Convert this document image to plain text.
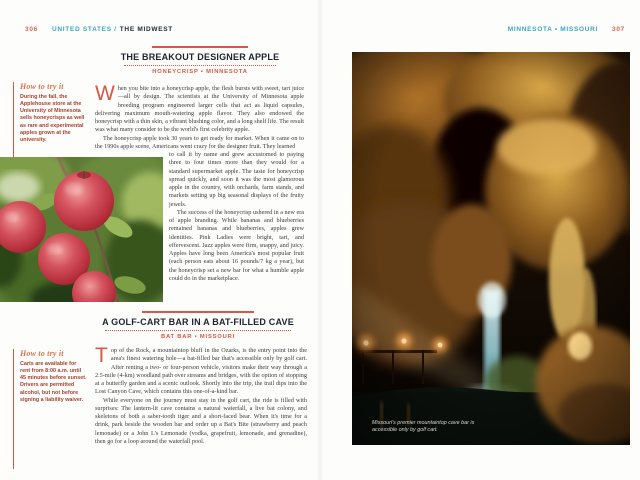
306 UNITED STATES / THE MIDWEST	MINNESOTA • MISSOURI 307
THE BREAKOUT DESIGNER APPLE
HONEYCRISP • MINNESOTA
How to try it
During the fall, the Applehouse store at the University of Minnesota sells honeycrisps as well as rare and experimental apples grown at the university.

When you bite into a honeycrisp apple, the flesh bursts with sweet, tart juice—all by design. The scientists at the University of Minnesota apple breeding program engineered larger cells that act as liquid capsules, delivering maximum mouth-watering apple flavor. They also endowed the honeycrisp with a thin skin, a vibrant blushing color, and a long shelf life. The result was what many consider to be the world's first celebrity apple.

The honeycrisp apple took 30 years to get ready for market. When it came on to the 1990s apple scene, Americans went crazy for the designer fruit. They learned

to call it by name and grew accustomed to paying three to four times more than they would for a standard supermarket apple. The taste for honeycrisp spread quickly, and soon it was the most glamorous apple in the country, with orchards, farm stands, and markets setting up big seasonal displays of the fruity jewels.

The success of the honeycrisp ushered in a new era of apple branding. While bananas and blueberries remained bananas and blueberries, apples grew identities. Pink Ladies were bright, tart, and effervescent. Jazz apples were firm, snappy, and juicy. Apples have long been America's most popular fruit (each person eats about 16 pounds/7 kg a year), but the honeycrisp set a new bar for what a humble apple could do in the marketplace.

A GOLF-CART BAR IN A BAT-FILLED CAVE
BAT BAR • MISSOURI
How to try it
Carts are available for rent from 8:00 a.m. until 45 minutes before sunset. Drivers are permitted alcohol, but not before signing a liability waiver.

Top of the Rock, a mountaintop bluff in the Ozarks, is the entry point into the area's finest watering hole—a bat-filled bar that's accessible only by golf cart. After renting a two- or four-person vehicle, visitors make their way through a 2.5-mile (4-km) woodland path over streams and bridges, with the option of stopping at a butterfly garden and a scenic outlook. Shortly into the trip, the trail dips into the Lost Canyon Cave, which contains this one-of-a-kind bar.

While everyone on the journey must stay in the golf cart, the ride is filled with surprises: The lantern-lit cave contains a natural waterfall, a live bat colony, and skeletons of both a saber-tooth tiger and a short-faced bear. When it's time for a drink, park beside the wooden bar and order up a Bat's Bite (strawberry and peach lemonade) or a John L's Lemonade (vodka, grapefruit, lemonade, and grenadine), then go for a loop around the waterfall pool.

Missouri's premier mountaintop cave bar is accessible only by golf cart.
